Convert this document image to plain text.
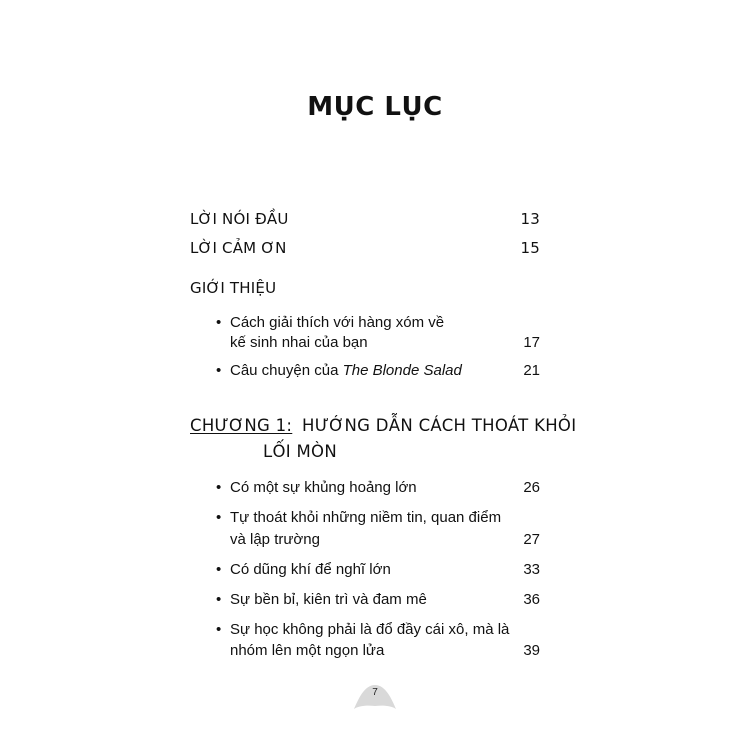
MỤC LỤC
LỜI NÓI ĐẦU	13
LỜI CẢM ƠN	15
GIỚI THIỆU
• Cách giải thích với hàng xóm về
kế sinh nhai của bạn	17
• Câu chuyện của The Blonde Salad	21
CHƯƠNG 1: HƯỚNG DẪN CÁCH THOÁT KHỎI
LỐI MÒN
• Có một sự khủng hoảng lớn	26
• Tự thoát khỏi những niềm tin, quan điểm
và lập trường	27
• Có dũng khí để nghĩ lớn	33
• Sự bền bỉ, kiên trì và đam mê	36
• Sự học không phải là đổ đầy cái xô, mà là
nhóm lên một ngọn lửa	39
7
